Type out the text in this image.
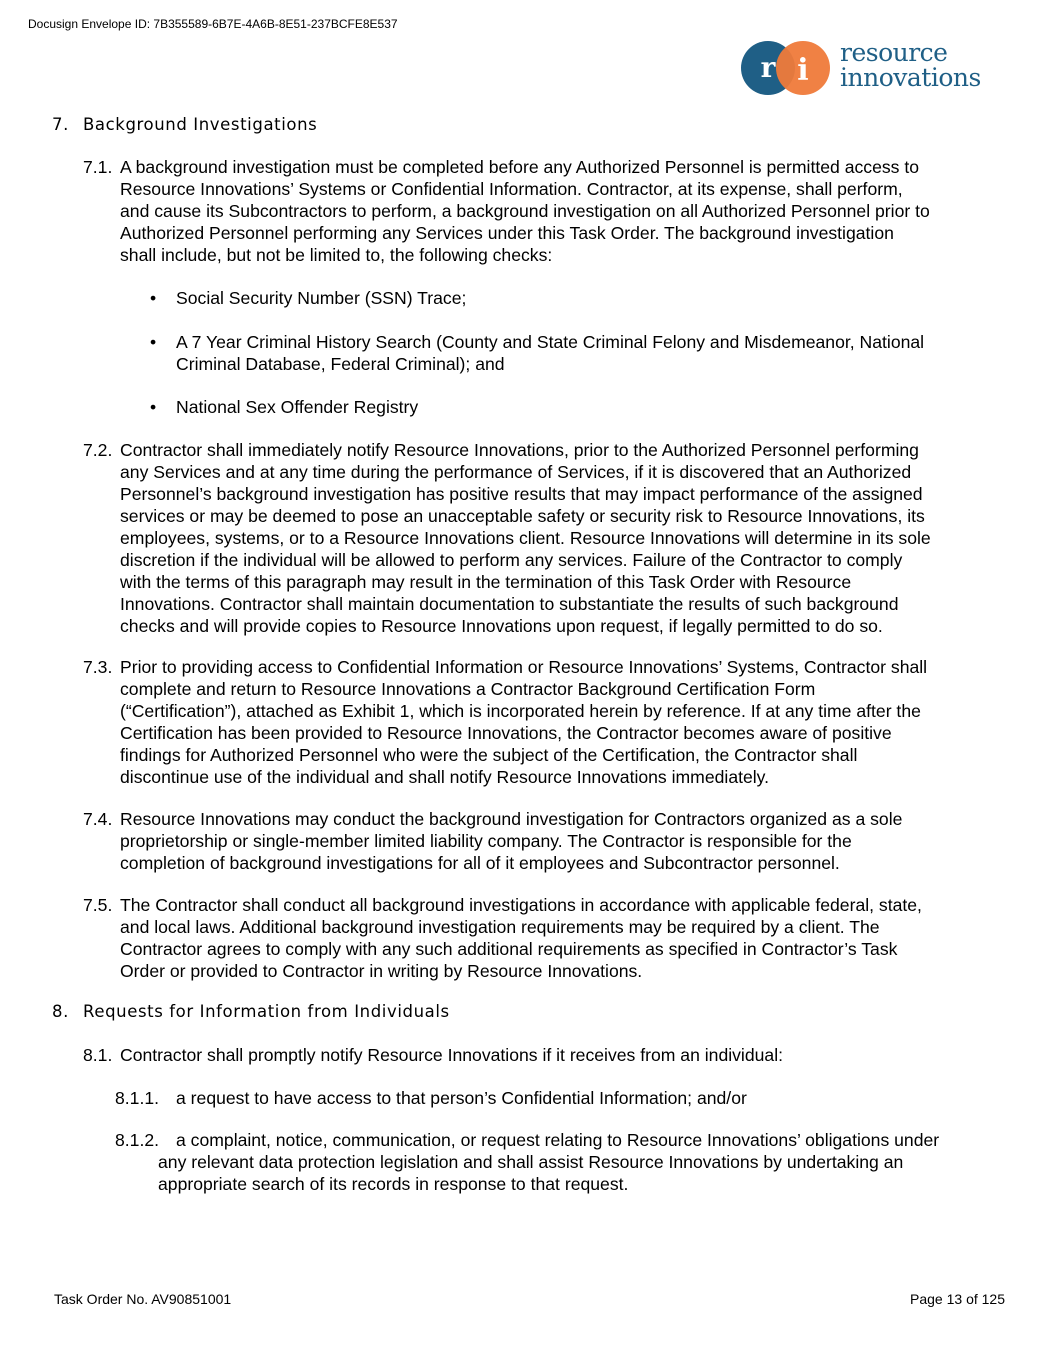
Docusign Envelope ID: 7B355589-6B7E-4A6B-8E51-237BCFE8E537
r i
resource
innovations
7. Background Investigations
7.1. A background investigation must be completed before any Authorized Personnel is permitted access to
Resource Innovations’ Systems or Confidential Information. Contractor, at its expense, shall perform,
and cause its Subcontractors to perform, a background investigation on all Authorized Personnel prior to
Authorized Personnel performing any Services under this Task Order. The background investigation
shall include, but not be limited to, the following checks:
• Social Security Number (SSN) Trace;
• A 7 Year Criminal History Search (County and State Criminal Felony and Misdemeanor, National
Criminal Database, Federal Criminal); and
• National Sex Offender Registry
7.2. Contractor shall immediately notify Resource Innovations, prior to the Authorized Personnel performing
any Services and at any time during the performance of Services, if it is discovered that an Authorized
Personnel’s background investigation has positive results that may impact performance of the assigned
services or may be deemed to pose an unacceptable safety or security risk to Resource Innovations, its
employees, systems, or to a Resource Innovations client. Resource Innovations will determine in its sole
discretion if the individual will be allowed to perform any services. Failure of the Contractor to comply
with the terms of this paragraph may result in the termination of this Task Order with Resource
Innovations. Contractor shall maintain documentation to substantiate the results of such background
checks and will provide copies to Resource Innovations upon request, if legally permitted to do so.
7.3. Prior to providing access to Confidential Information or Resource Innovations’ Systems, Contractor shall
complete and return to Resource Innovations a Contractor Background Certification Form
(“Certification”), attached as Exhibit 1, which is incorporated herein by reference. If at any time after the
Certification has been provided to Resource Innovations, the Contractor becomes aware of positive
findings for Authorized Personnel who were the subject of the Certification, the Contractor shall
discontinue use of the individual and shall notify Resource Innovations immediately.
7.4. Resource Innovations may conduct the background investigation for Contractors organized as a sole
proprietorship or single-member limited liability company. The Contractor is responsible for the
completion of background investigations for all of it employees and Subcontractor personnel.
7.5. The Contractor shall conduct all background investigations in accordance with applicable federal, state,
and local laws. Additional background investigation requirements may be required by a client. The
Contractor agrees to comply with any such additional requirements as specified in Contractor’s Task
Order or provided to Contractor in writing by Resource Innovations.
8.1. Contractor shall promptly notify Resource Innovations if it receives from an individual:
8.1.1. a request to have access to that person’s Confidential Information; and/or
8.1.2. a complaint, notice, communication, or request relating to Resource Innovations’ obligations under
any relevant data protection legislation and shall assist Resource Innovations by undertaking an
appropriate search of its records in response to that request.
8. Requests for Information from Individuals
Task Order No. AV90851001	Page 13 of 125
